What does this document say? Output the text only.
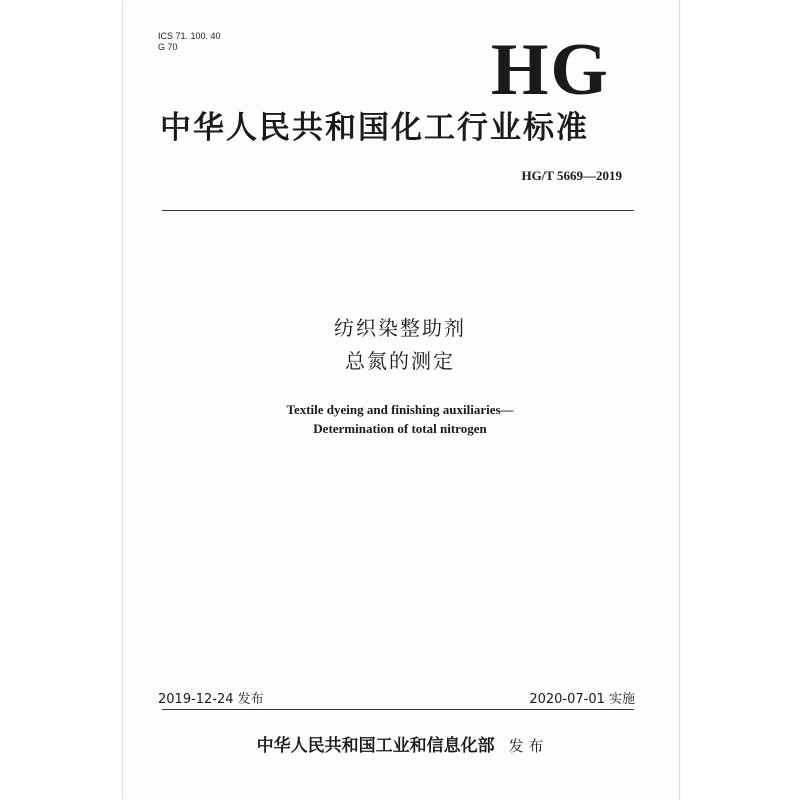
ICS 71. 100. 40
G 70	HG
中华人民共和国化工行业标准
HG/T 5669—2019
纺织染整助剂
总氮的测定
Textile dyeing and finishing auxiliaries—
Determination of total nitrogen
2019-12-24 发布	2020-07-01 实施
中华人民共和国工业和信息化部 发 布
